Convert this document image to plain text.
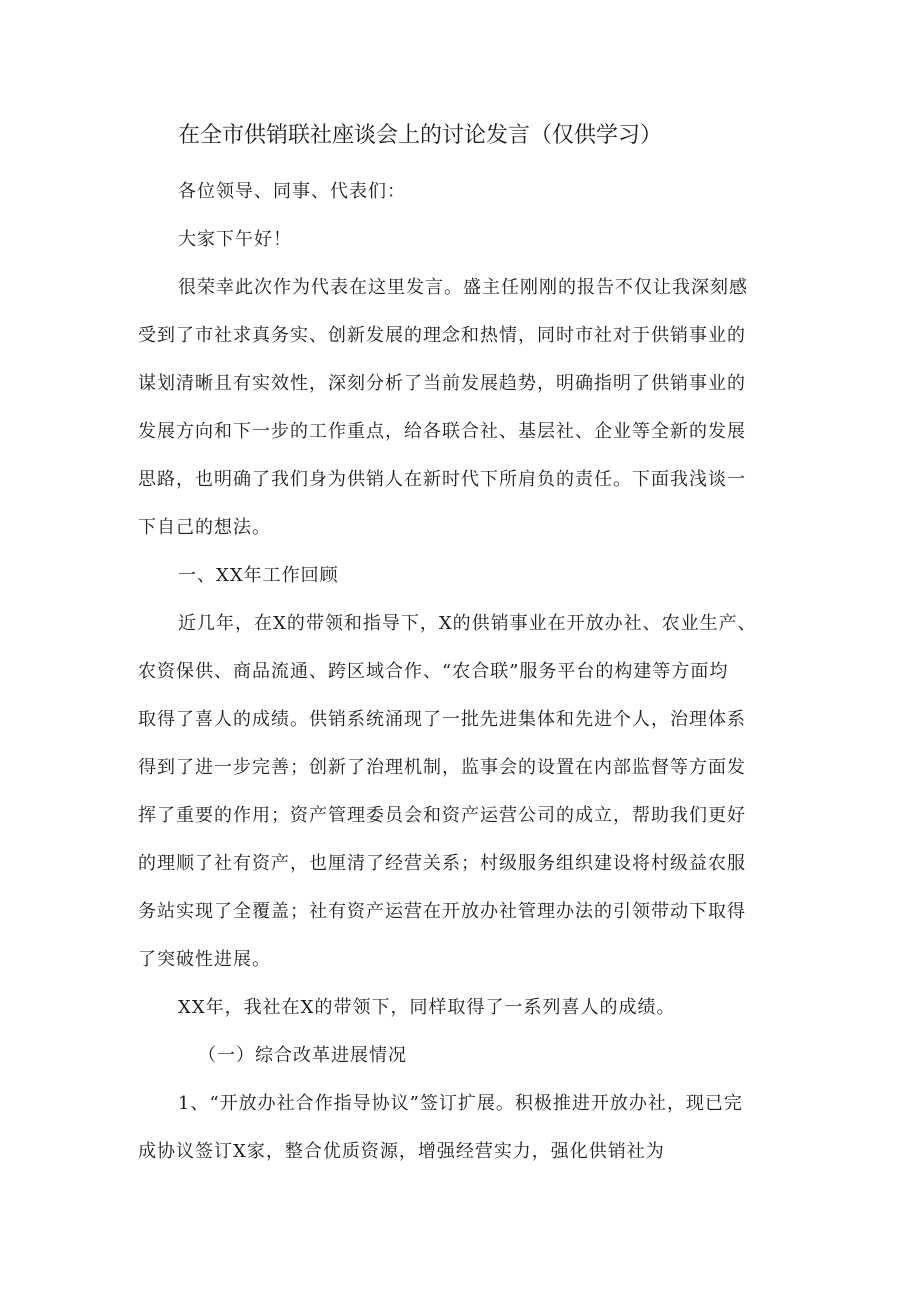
在全市供销联社座谈会上的讨论发言（仅供学习）
各位领导、同事、代表们：
大家下午好！
很荣幸此次作为代表在这里发言。盛主任刚刚的报告不仅让我深刻感
受到了市社求真务实、创新发展的理念和热情，同时市社对于供销事业的
谋划清晰且有实效性，深刻分析了当前发展趋势，明确指明了供销事业的
发展方向和下一步的工作重点，给各联合社、基层社、企业等全新的发展
思路，也明确了我们身为供销人在新时代下所肩负的责任。下面我浅谈一
下自己的想法。
一、XX年工作回顾
近几年，在X的带领和指导下，X的供销事业在开放办社、农业生产、
农资保供、商品流通、跨区域合作、“农合联”服务平台的构建等方面均
取得了喜人的成绩。供销系统涌现了一批先进集体和先进个人，治理体系
得到了进一步完善；创新了治理机制，监事会的设置在内部监督等方面发
挥了重要的作用；资产管理委员会和资产运营公司的成立，帮助我们更好
的理顺了社有资产，也厘清了经营关系；村级服务组织建设将村级益农服
务站实现了全覆盖；社有资产运营在开放办社管理办法的引领带动下取得
了突破性进展。
XX年，我社在X的带领下，同样取得了一系列喜人的成绩。
（一）综合改革进展情况
1、“开放办社合作指导协议”签订扩展。积极推进开放办社，现已完
成协议签订X家，整合优质资源，增强经营实力，强化供销社为
